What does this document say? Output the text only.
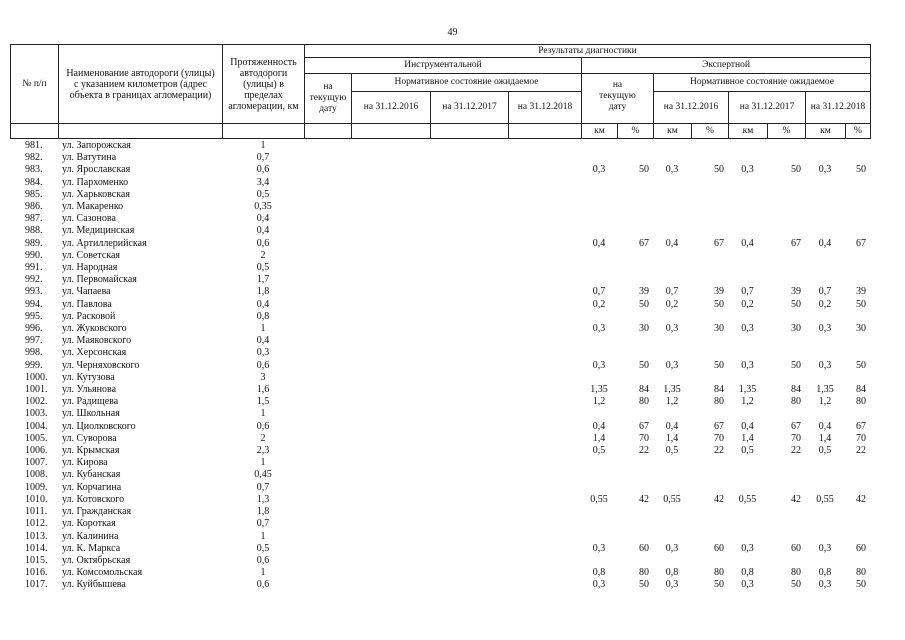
49
№ п/п	Наименование автодороги (улицы) с указанием километров (адрес объекта в границах агломерации)	Протяженность автодороги (улицы) в пределах агломерации, км	Результаты диагностики											
			Инструментальной				Экспертной							
			на текущую дату	Нормативное состояние ожидаемое			на текущую дату		Нормативное состояние ожидаемое					
				на 31.12.2016	на 31.12.2017	на 31.12.2018			на 31.12.2016		на 31.12.2017		на 31.12.2018	
							км	%	км	%	км	%	км	%
981.	ул. Запорожская	1												
982.	ул. Ватутина	0,7												
983.	ул. Ярославская	0,6					0,3	50	0,3	50	0,3	50	0,3	50
984.	ул. Пархоменко	3,4												
985.	ул. Харьковская	0,5												
986.	ул. Макаренко	0,35												
987.	ул. Сазонова	0,4												
988.	ул. Медицинская	0,4												
989.	ул. Артиллерийская	0,6					0,4	67	0,4	67	0,4	67	0,4	67
990.	ул. Советская	2												
991.	ул. Народная	0,5												
992.	ул. Первомайская	1,7												
993.	ул. Чапаева	1,8					0,7	39	0,7	39	0,7	39	0,7	39
994.	ул. Павлова	0,4					0,2	50	0,2	50	0,2	50	0,2	50
995.	ул. Расковой	0,8												
996.	ул. Жуковского	1					0,3	30	0,3	30	0,3	30	0,3	30
997.	ул. Маяковского	0,4												
998.	ул. Херсонская	0,3												
999.	ул. Черняховского	0,6					0,3	50	0,3	50	0,3	50	0,3	50
1000.	ул. Кутузова	3												
1001.	ул. Ульянова	1,6					1,35	84	1,35	84	1,35	84	1,35	84
1002.	ул. Радищева	1,5					1,2	80	1,2	80	1,2	80	1,2	80
1003.	ул. Школьная	1												
1004.	ул. Циолковского	0,6					0,4	67	0,4	67	0,4	67	0,4	67
1005.	ул. Суворова	2					1,4	70	1,4	70	1,4	70	1,4	70
1006.	ул. Крымская	2,3					0,5	22	0,5	22	0,5	22	0,5	22
1007.	ул. Кирова	1												
1008.	ул. Кубанская	0,45												
1009.	ул. Корчагина	0,7												
1010.	ул. Котовского	1,3					0,55	42	0,55	42	0,55	42	0,55	42
1011.	ул. Гражданская	1,8												
1012.	ул. Короткая	0,7												
1013.	ул. Калинина	1												
1014.	ул. К. Маркса	0,5					0,3	60	0,3	60	0,3	60	0,3	60
1015.	ул. Октябрьская	0,6												
1016.	ул. Комсомольская	1					0,8	80	0,8	80	0,8	80	0,8	80
1017.	ул. Куйбышева	0,6					0,3	50	0,3	50	0,3	50	0,3	50
